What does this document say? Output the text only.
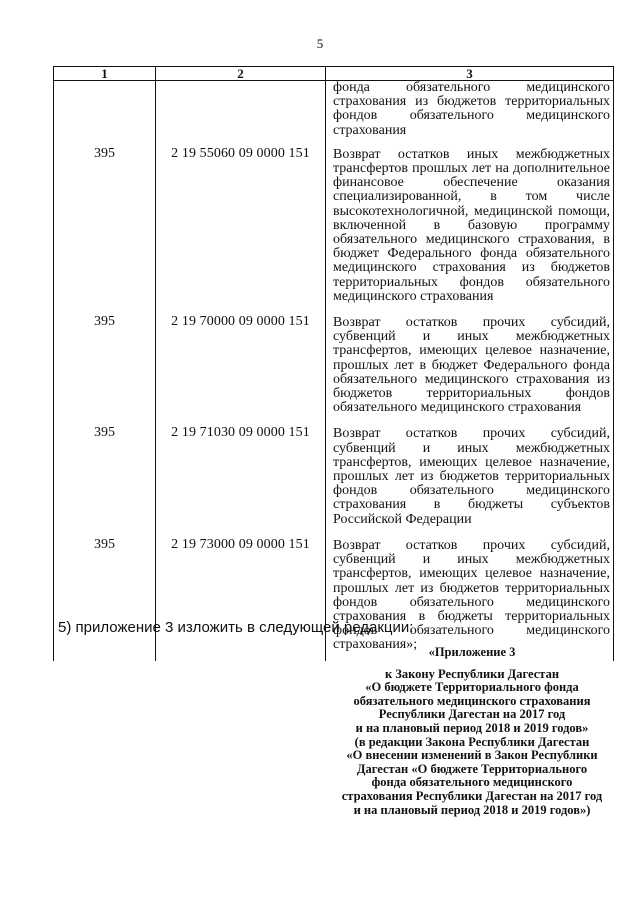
5
1	2	3
		фонда обязательного медицинского страхования из бюджетов территориальных фондов обязательного медицинского страхования
395	2 19 55060 09 0000 151	Возврат остатков иных межбюджетных трансфертов прошлых лет на дополнительное финансовое обеспечение оказания специализированной, в том числе высокотехнологичной, медицинской помощи, включенной в базовую программу обязательного медицинского страхования, в бюджет Федерального фонда обязательного медицинского страхования из бюджетов территориальных фондов обязательного медицинского страхования
395	2 19 70000 09 0000 151	Возврат остатков прочих субсидий, субвенций и иных межбюджетных трансфертов, имеющих целевое назначение, прошлых лет в бюджет Федерального фонда обязательного медицинского страхования из бюджетов территориальных фондов обязательного медицинского страхования
395	2 19 71030 09 0000 151	Возврат остатков прочих субсидий, субвенций и иных межбюджетных трансфертов, имеющих целевое назначение, прошлых лет из бюджетов территориальных фондов обязательного медицинского страхования в бюджеты субъектов Российской Федерации
395	2 19 73000 09 0000 151	Возврат остатков прочих субсидий, субвенций и иных межбюджетных трансфертов, имеющих целевое назначение, прошлых лет из бюджетов территориальных фондов обязательного медицинского страхования в бюджеты территориальных фондов обязательного медицинского страхования»;
5) приложение 3 изложить в следующей редакции:
«Приложение 3
к Закону Республики Дагестан
«О бюджете Территориального фонда
обязательного медицинского страхования
Республики Дагестан на 2017 год
и на плановый период 2018 и 2019 годов»
(в редакции Закона Республики Дагестан
«О внесении изменений в Закон Республики
Дагестан «О бюджете Территориального
фонда обязательного медицинского
страхования Республики Дагестан на 2017 год
и на плановый период 2018 и 2019 годов»)
